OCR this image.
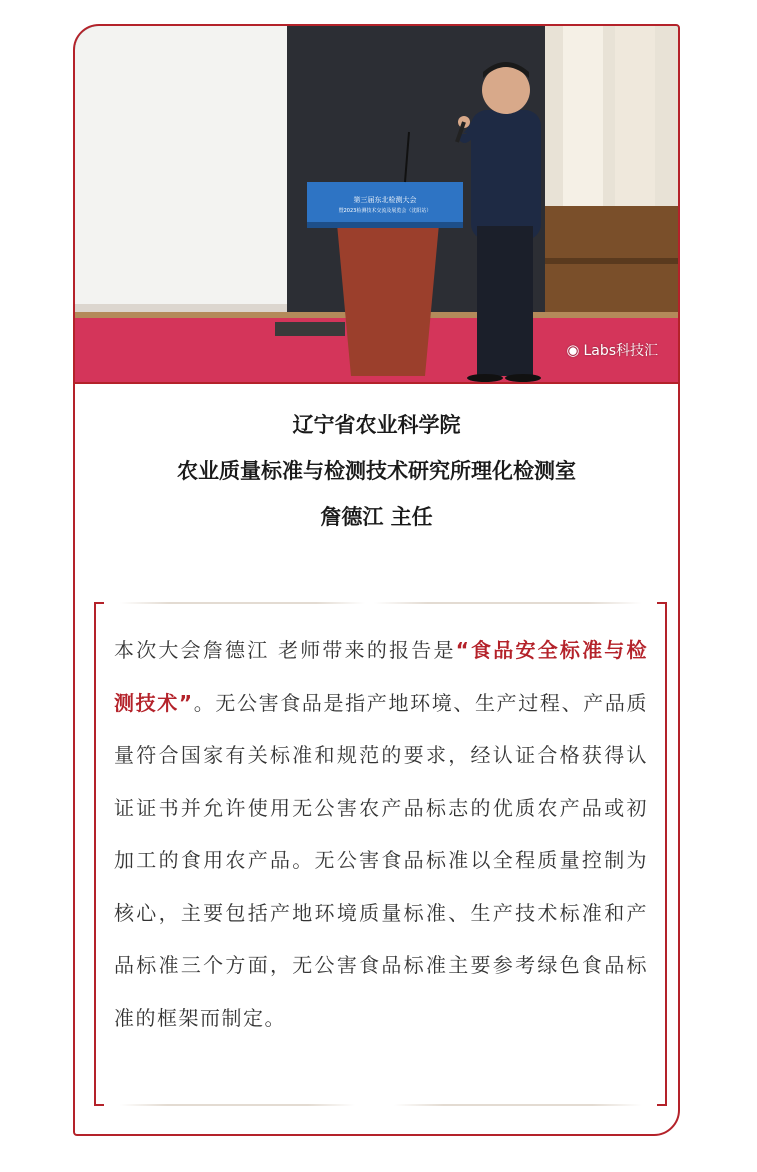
第三届东北检测大会
暨2023检测技术交流及展览会（沈阳站）
◉ Labs科技汇
辽宁省农业科学院
农业质量标准与检测技术研究所理化检测室
詹德江 主任
本次大会詹德江 老师带来的报告是“食品安全标准与检测技术”。无公害食品是指产地环境、生产过程、产品质量符合国家有关标准和规范的要求，经认证合格获得认证证书并允许使用无公害农产品标志的优质农产品或初加工的食用农产品。无公害食品标准以全程质量控制为核心，主要包括产地环境质量标准、生产技术标准和产品标准三个方面，无公害食品标准主要参考绿色食品标准的框架而制定。
